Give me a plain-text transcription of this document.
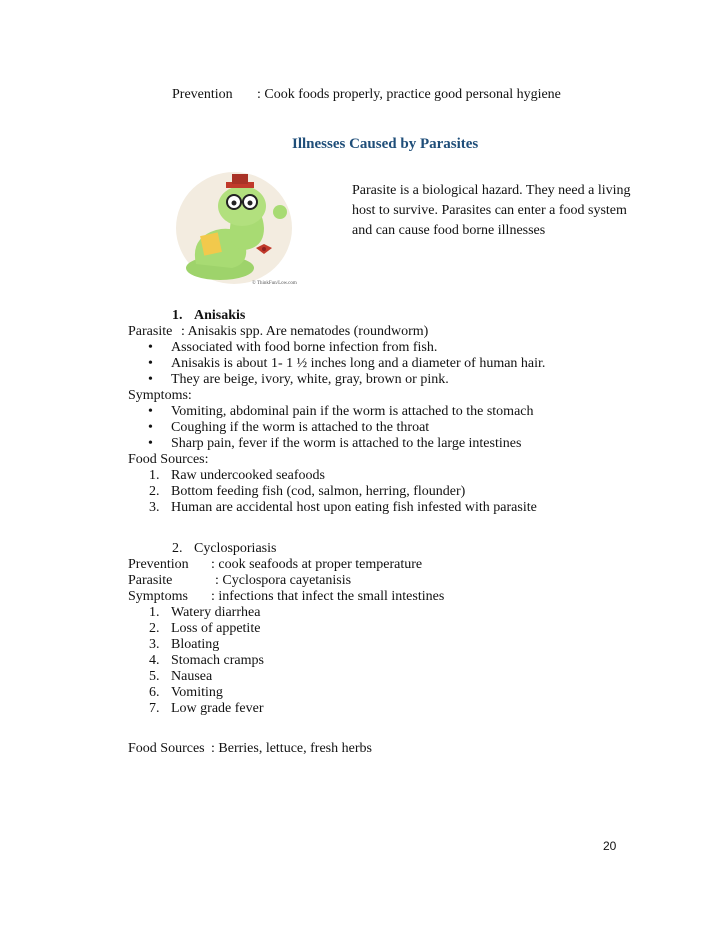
Prevention : Cook foods properly, practice good personal hygiene
Illnesses Caused by Parasites
© ThinkFun/Low.com
Parasite is a biological hazard. They need a living host to survive. Parasites can enter a food system and can cause food borne illnesses
1. Anisakis
Parasite : Anisakis spp. Are nematodes (roundworm)
• Associated with food borne infection from fish.
• Anisakis is about 1- 1 ½ inches long and a diameter of human hair.
• They are beige, ivory, white, gray, brown or pink.
Symptoms:
• Vomiting, abdominal pain if the worm is attached to the stomach
• Coughing if the worm is attached to the throat
• Sharp pain, fever if the worm is attached to the large intestines
Food Sources:
1. Raw undercooked seafoods
2. Bottom feeding fish (cod, salmon, herring, flounder)
3. Human are accidental host upon eating fish infested with parasite
2. Cyclosporiasis
Prevention : cook seafoods at proper temperature
Parasite	: Cyclospora cayetanisis
Symptoms : infections that infect the small intestines
1. Watery diarrhea
2. Loss of appetite
3. Bloating
4. Stomach cramps
5. Nausea
6. Vomiting
7. Low grade fever
Food Sources : Berries, lettuce, fresh herbs
20
